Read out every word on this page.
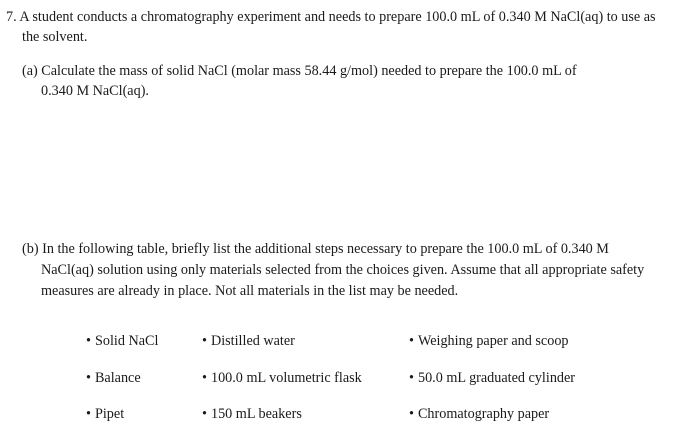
7. A student conducts a chromatography experiment and needs to prepare 100.0 mL of 0.340 M NaCl(aq) to use as
the solvent.
(a) Calculate the mass of solid NaCl (molar mass 58.44 g/mol) needed to prepare the 100.0 mL of
0.340 M NaCl(aq).
(b) In the following table, briefly list the additional steps necessary to prepare the 100.0 mL of 0.340 M
NaCl(aq) solution using only materials selected from the choices given. Assume that all appropriate safety
measures are already in place. Not all materials in the list may be needed.
• Solid NaCl	• Distilled water	• Weighing paper and scoop
• Balance	• 100.0 mL volumetric flask	• 50.0 mL graduated cylinder
• Pipet	• 150 mL beakers	• Chromatography paper
